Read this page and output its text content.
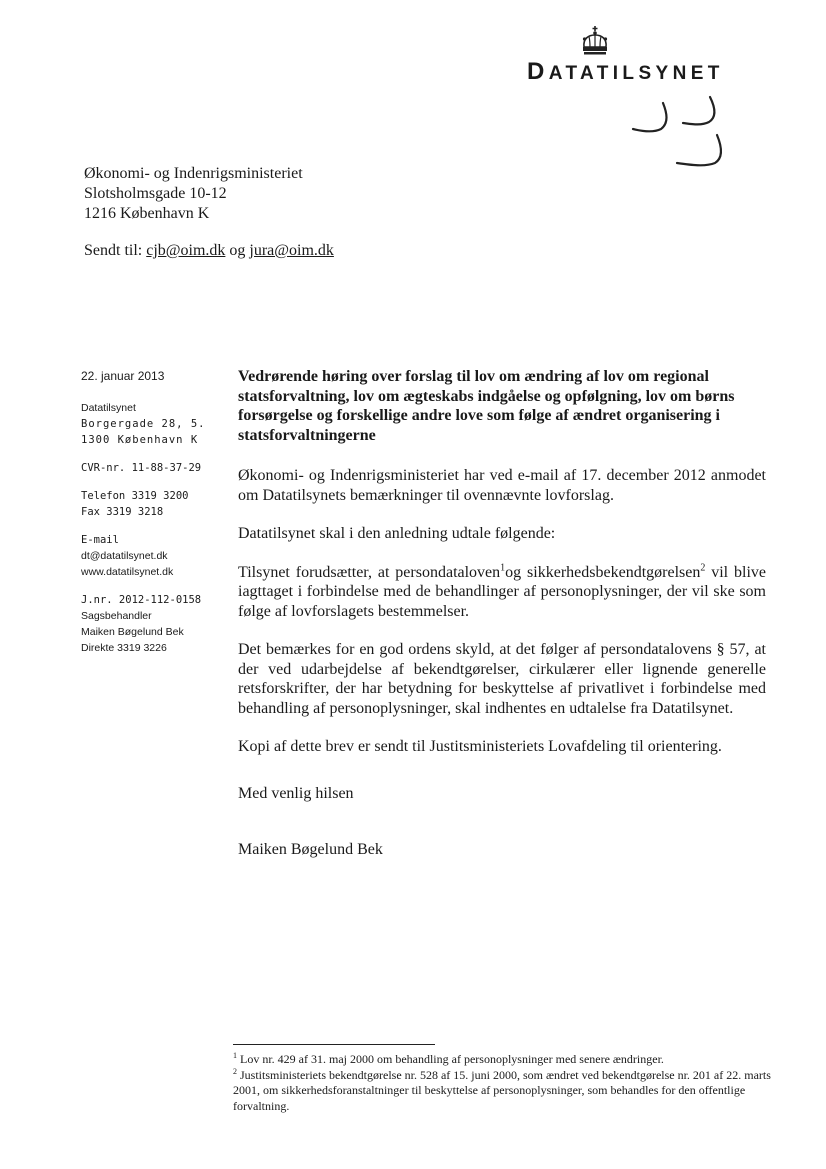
DATATILSYNET
Økonomi- og Indenrigsministeriet
Slotsholmsgade 10-12
1216 København K
Sendt til: cjb@oim.dk og jura@oim.dk
22. januar 2013
Datatilsynet
Borgergade 28, 5.
1300 København K
CVR-nr. 11-88-37-29
Telefon 3319 3200
Fax 3319 3218
E-mail
dt@datatilsynet.dk
www.datatilsynet.dk
J.nr. 2012-112-0158
Sagsbehandler
Maiken Bøgelund Bek
Direkte 3319 3226
Vedrørende høring over forslag til lov om ændring af lov om regional statsforvaltning, lov om ægteskabs indgåelse og opfølgning, lov om børns forsørgelse og forskellige andre love som følge af ændret organisering i statsforvaltningerne

Økonomi- og Indenrigsministeriet har ved e-mail af 17. december 2012 anmodet om Datatilsynets bemærkninger til ovennævnte lovforslag.

Datatilsynet skal i den anledning udtale følgende:

Tilsynet forudsætter, at persondataloven$^1$og sikkerhedsbekendtgørelsen$^2$ vil blive iagttaget i forbindelse med de behandlinger af personoplysninger, der vil ske som følge af lovforslagets bestemmelser.

Det bemærkes for en god ordens skyld, at det følger af persondatalovens § 57, at der ved udarbejdelse af bekendtgørelser, cirkulærer eller lignende generelle retsforskrifter, der har betydning for beskyttelse af privatlivet i forbindelse med behandling af personoplysninger, skal indhentes en udtalelse fra Datatilsynet.

Kopi af dette brev er sendt til Justitsministeriets Lovafdeling til orientering.

Med venlig hilsen
Maiken Bøgelund Bek
$^1$ Lov nr. 429 af 31. maj 2000 om behandling af personoplysninger med senere ændringer.
$^2$ Justitsministeriets bekendtgørelse nr. 528 af 15. juni 2000, som ændret ved bekendtgørelse nr. 201 af 22. marts 2001, om sikkerhedsforanstaltninger til beskyttelse af personoplysninger, som behandles for den offentlige forvaltning.
